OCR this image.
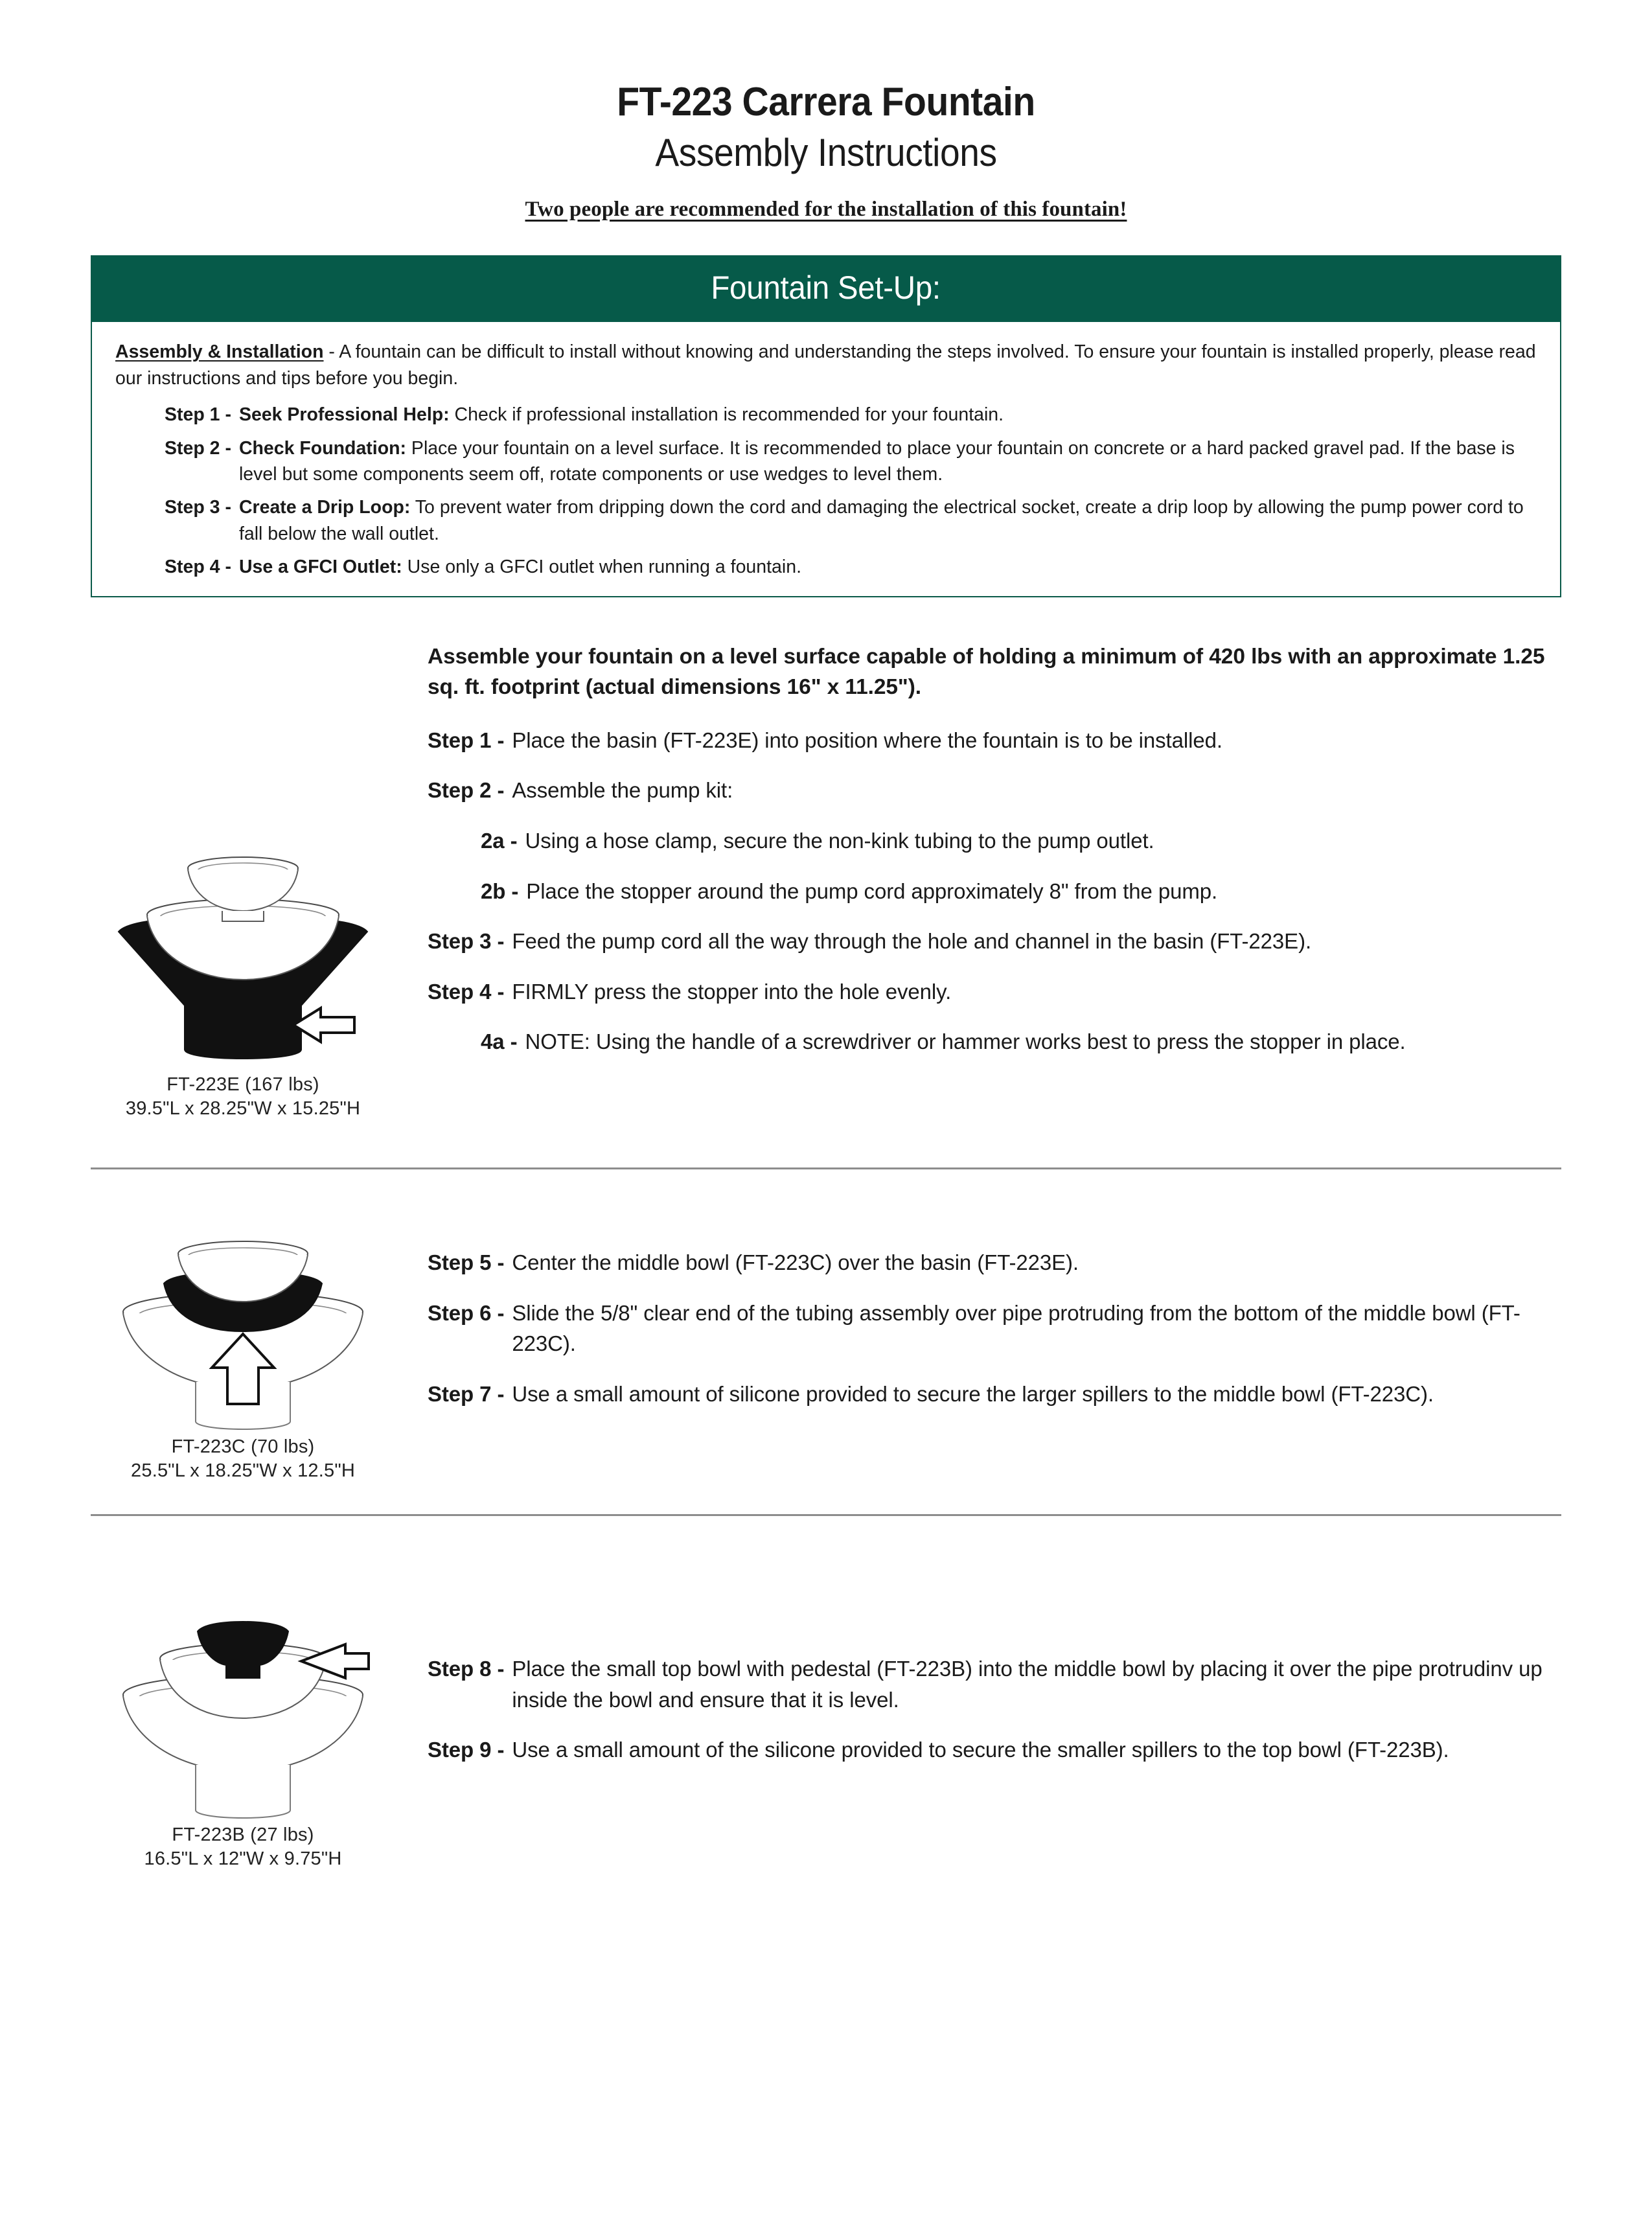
FT-223 Carrera Fountain
Assembly Instructions
Two people are recommended for the installation of this fountain!
Fountain Set-Up:

Assembly & Installation - A fountain can be difficult to install without knowing and understanding the steps involved. To ensure your fountain is installed properly, please read our instructions and tips before you begin.

Step 1 - Seek Professional Help: Check if professional installation is recommended for your fountain.
Step 2 - Check Foundation: Place your fountain on a level surface. It is recommended to place your fountain on concrete or a hard packed gravel pad. If the base is level but some components seem off, rotate components or use wedges to level them.
Step 3 - Create a Drip Loop: To prevent water from dripping down the cord and damaging the electrical socket, create a drip loop by allowing the pump power cord to fall below the wall outlet.
Step 4 - Use a GFCI Outlet: Use only a GFCI outlet when running a fountain.
FT-223E (167 lbs)
39.5"L x 28.25"W x 15.25"H

Assemble your fountain on a level surface capable of holding a minimum of 420 lbs with an approximate 1.25 sq. ft. footprint (actual dimensions 16" x 11.25").

Step 1 - Place the basin (FT-223E) into position where the fountain is to be installed.
Step 2 - Assemble the pump kit:
2a - Using a hose clamp, secure the non-kink tubing to the pump outlet.
2b - Place the stopper around the pump cord approximately 8" from the pump.
Step 3 - Feed the pump cord all the way through the hole and channel in the basin (FT-223E).
Step 4 - FIRMLY press the stopper into the hole evenly.
4a - NOTE: Using the handle of a screwdriver or hammer works best to press the stopper in place.
FT-223C (70 lbs)
25.5"L x 18.25"W x 12.5"H
Step 5 - Center the middle bowl (FT-223C) over the basin (FT-223E).
Step 6 - Slide the 5/8" clear end of the tubing assembly over pipe protruding from the bottom of the middle bowl (FT-223C).
Step 7 - Use a small amount of silicone provided to secure the larger spillers to the middle bowl (FT-223C).
FT-223B (27 lbs)
16.5"L x 12"W x 9.75"H
Step 8 - Place the small top bowl with pedestal (FT-223B) into the middle bowl by placing it over the pipe protrudinv up inside the bowl and ensure that it is level.
Step 9 - Use a small amount of the silicone provided to secure the smaller spillers to the top bowl (FT-223B).
